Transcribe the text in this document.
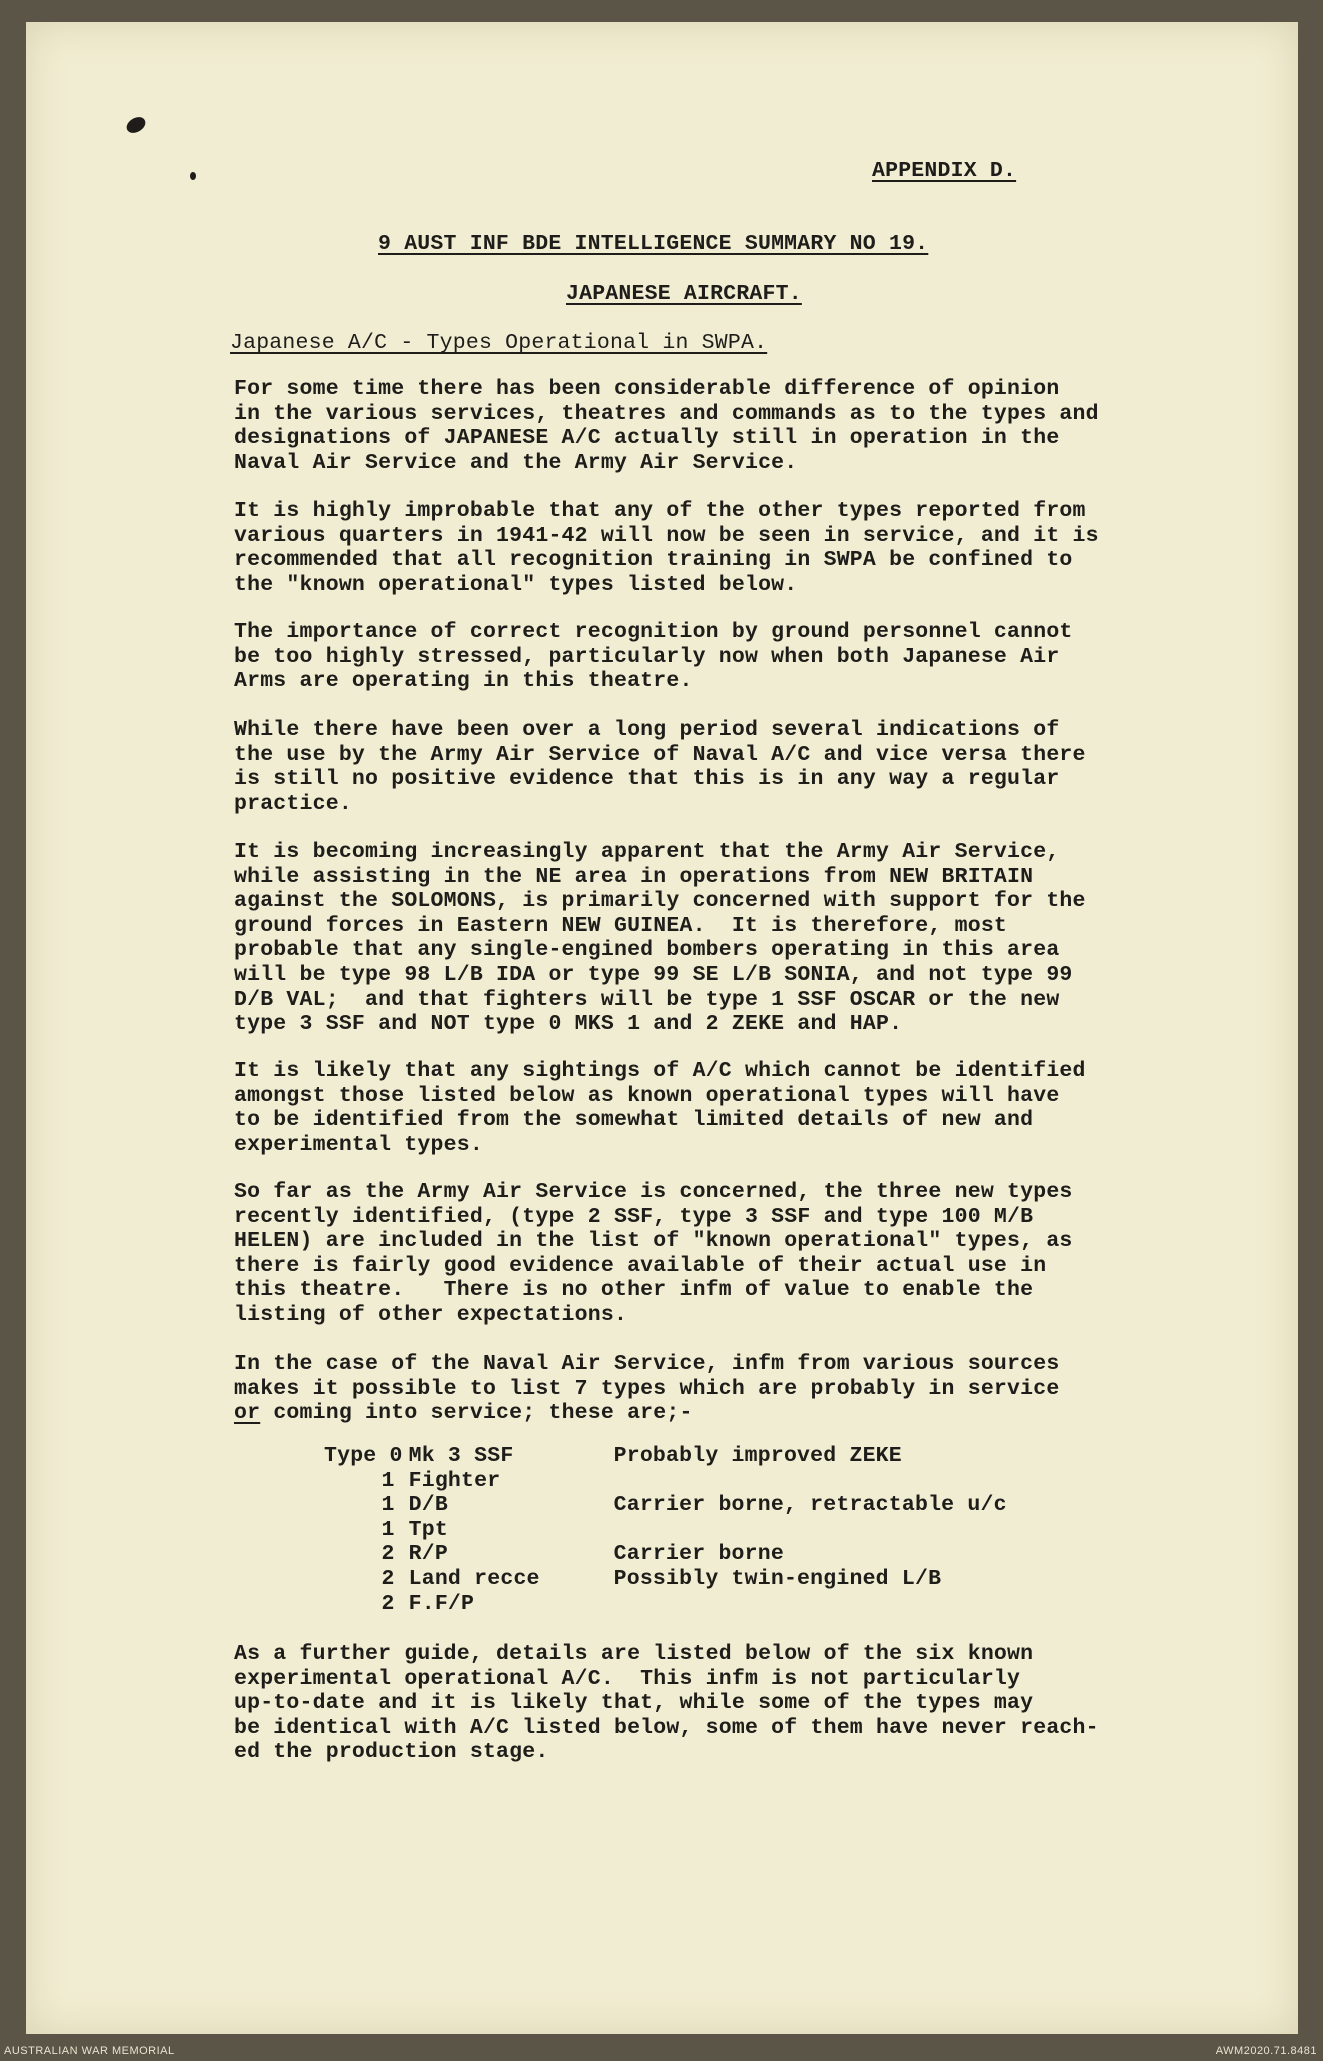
APPENDIX D.
9 AUST INF BDE INTELLIGENCE SUMMARY NO 19.
JAPANESE AIRCRAFT.
Japanese A/C - Types Operational in SWPA.
For some time there has been considerable difference of opinion
in the various services, theatres and commands as to the types and
designations of JAPANESE A/C actually still in operation in the
Naval Air Service and the Army Air Service.
It is highly improbable that any of the other types reported from
various quarters in 1941-42 will now be seen in service, and it is
recommended that all recognition training in SWPA be confined to
the "known operational" types listed below.
The importance of correct recognition by ground personnel cannot
be too highly stressed, particularly now when both Japanese Air
Arms are operating in this theatre.
While there have been over a long period several indications of
the use by the Army Air Service of Naval A/C and vice versa there
is still no positive evidence that this is in any way a regular
practice.
It is becoming increasingly apparent that the Army Air Service,
while assisting in the NE area in operations from NEW BRITAIN
against the SOLOMONS, is primarily concerned with support for the
ground forces in Eastern NEW GUINEA.  It is therefore, most
probable that any single-engined bombers operating in this area
will be type 98 L/B IDA or type 99 SE L/B SONIA, and not type 99
D/B VAL;  and that fighters will be type 1 SSF OSCAR or the new
type 3 SSF and NOT type 0 MKS 1 and 2 ZEKE and HAP.
It is likely that any sightings of A/C which cannot be identified
amongst those listed below as known operational types will have
to be identified from the somewhat limited details of new and
experimental types.
So far as the Army Air Service is concerned, the three new types
recently identified, (type 2 SSF, type 3 SSF and type 100 M/B
HELEN) are included in the list of "known operational" types, as
there is fairly good evidence available of their actual use in
this theatre.   There is no other infm of value to enable the
listing of other expectations.
In the case of the Naval Air Service, infm from various sources
makes it possible to list 7 types which are probably in service
or coming into service; these are;-
Type 0	Mk 3 SSF	Probably improved ZEKE
1	Fighter	
1	D/B	Carrier borne, retractable u/c
1	Tpt	
2	R/P	Carrier borne
2	Land recce	Possibly twin-engined L/B
2	F.F/P	
As a further guide, details are listed below of the six known
experimental operational A/C.  This infm is not particularly
up-to-date and it is likely that, while some of the types may
be identical with A/C listed below, some of them have never reach-
ed the production stage.
AUSTRALIAN WAR MEMORIAL	AWM2020.71.8481
